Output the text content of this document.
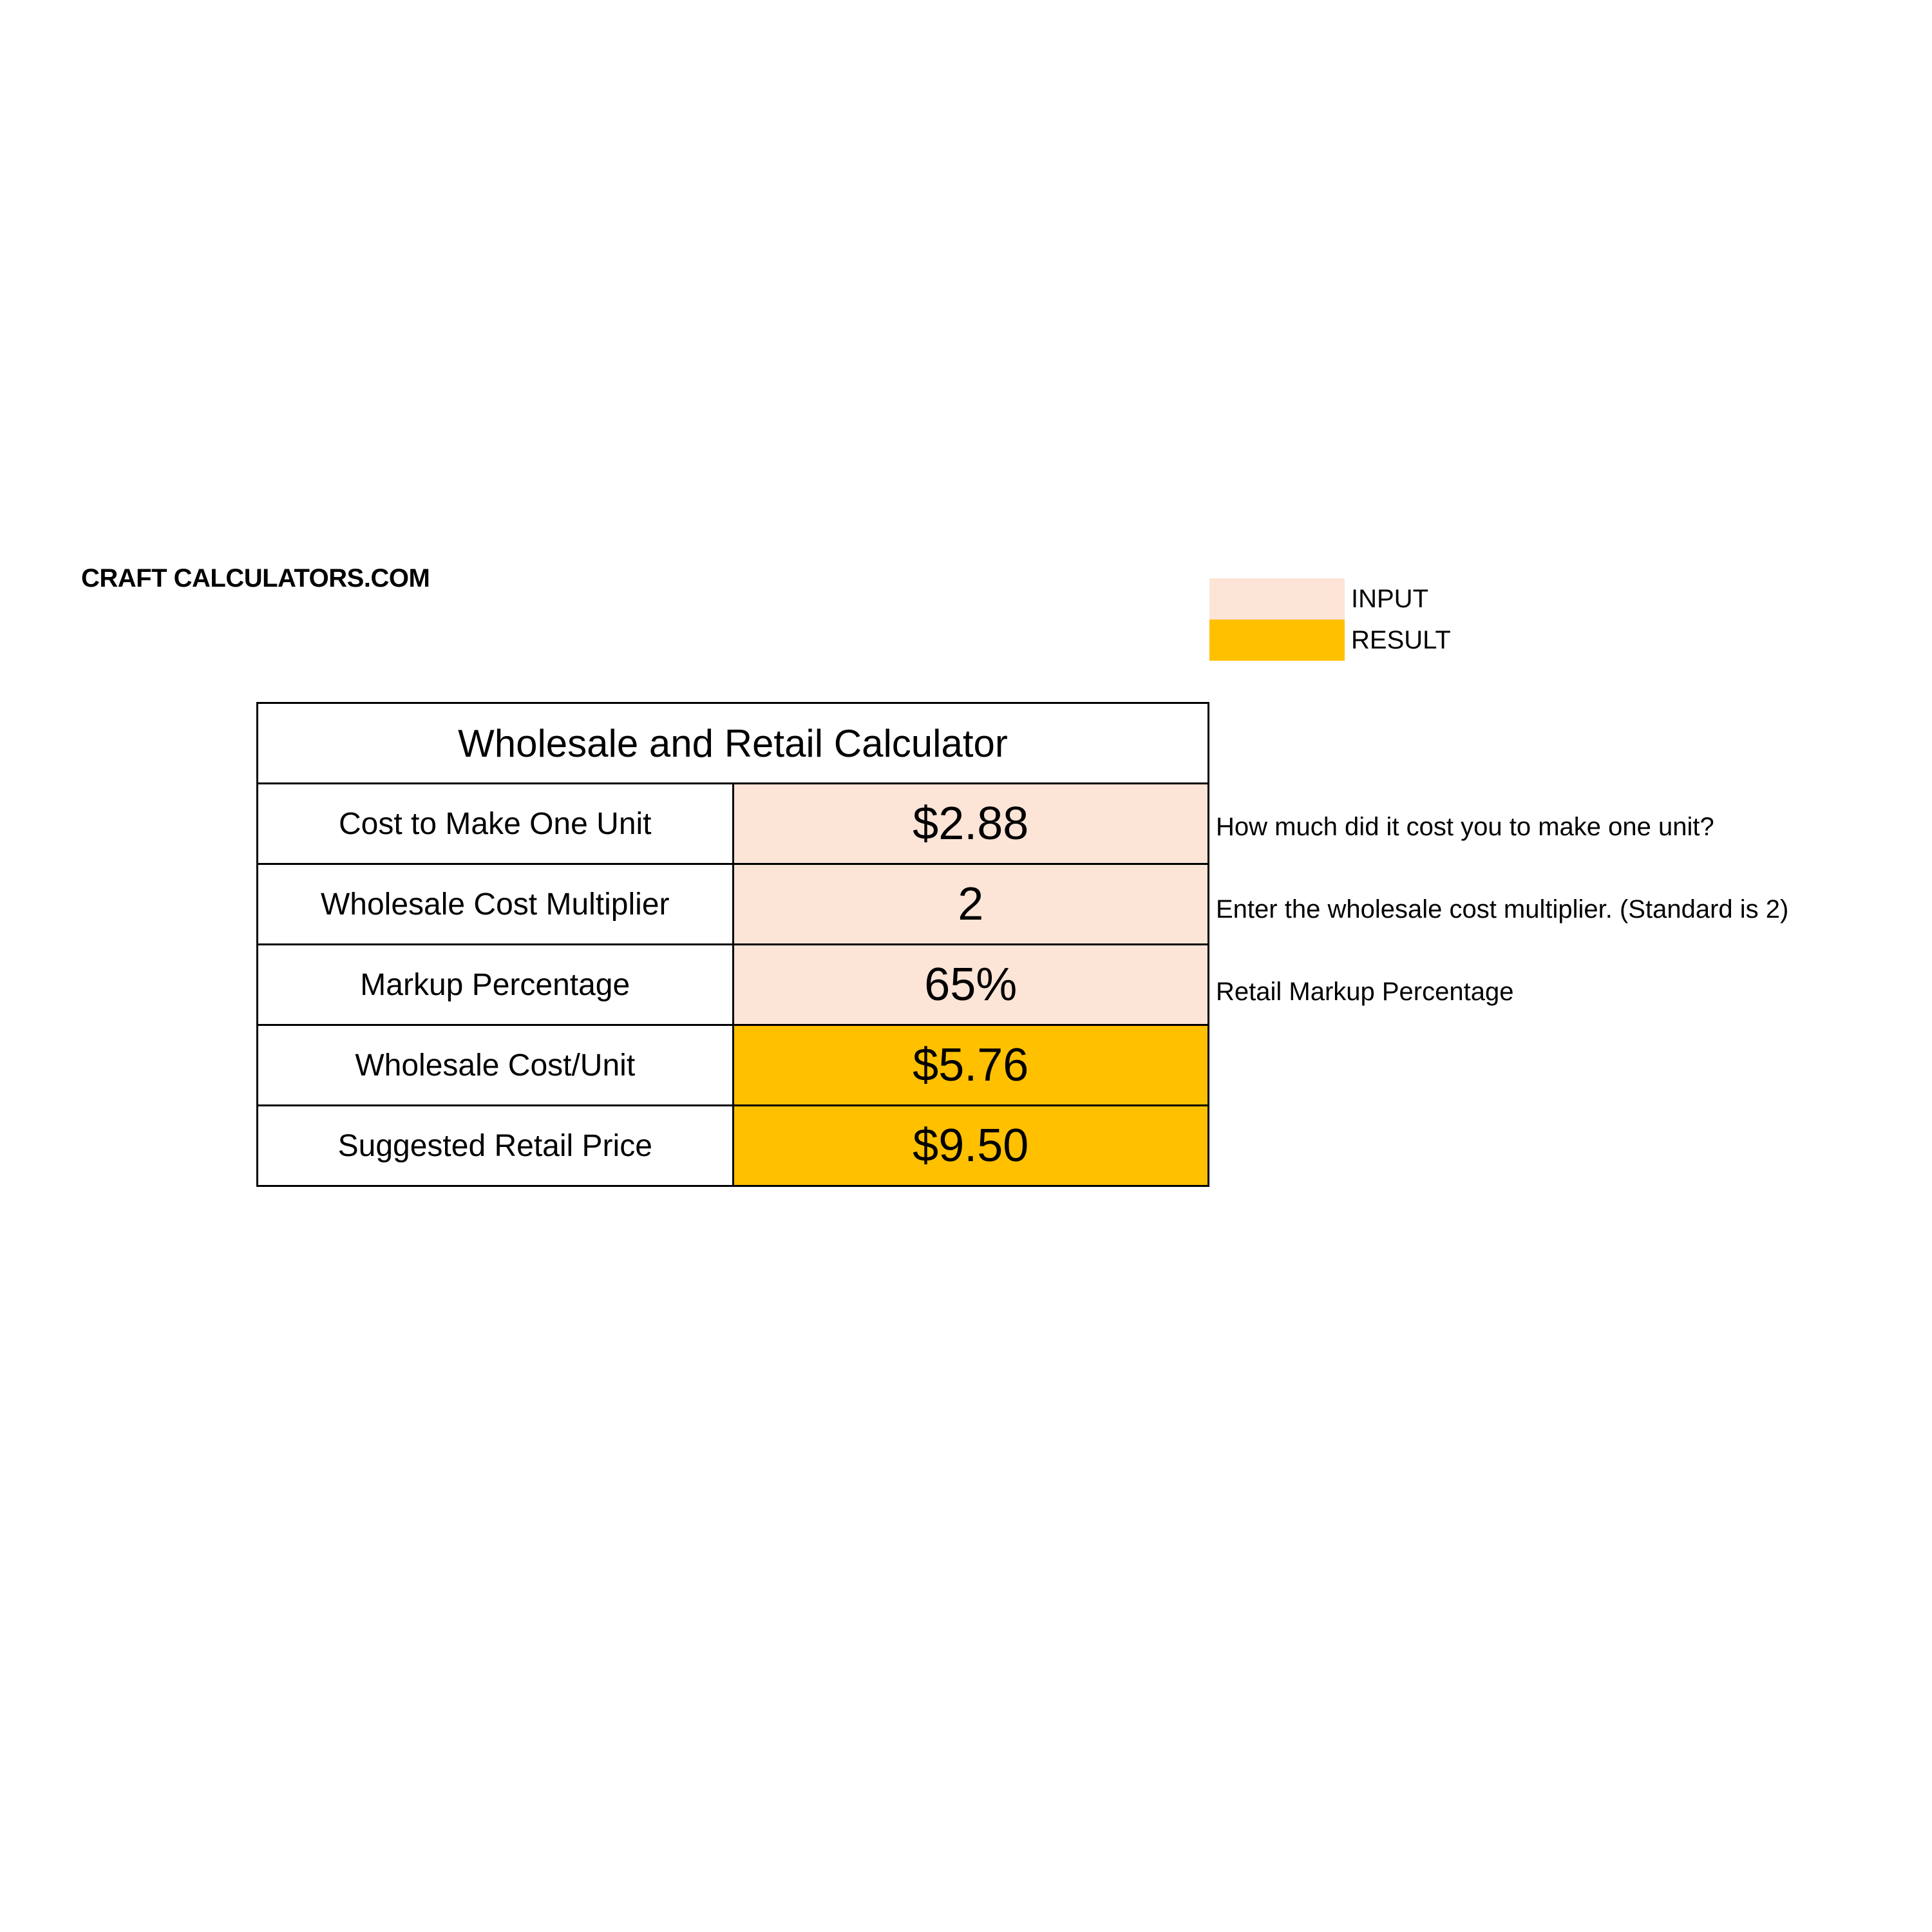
CRAFT CALCULATORS.COM
INPUT
RESULT
Wholesale and Retail Calculator	
Cost to Make One Unit	$2.88
Wholesale Cost Multiplier	2
Markup Percentage	65%
Wholesale Cost/Unit	$5.76
Suggested Retail Price	$9.50
How much did it cost you to make one unit?
Enter the wholesale cost multiplier. (Standard is 2)
Retail Markup Percentage
